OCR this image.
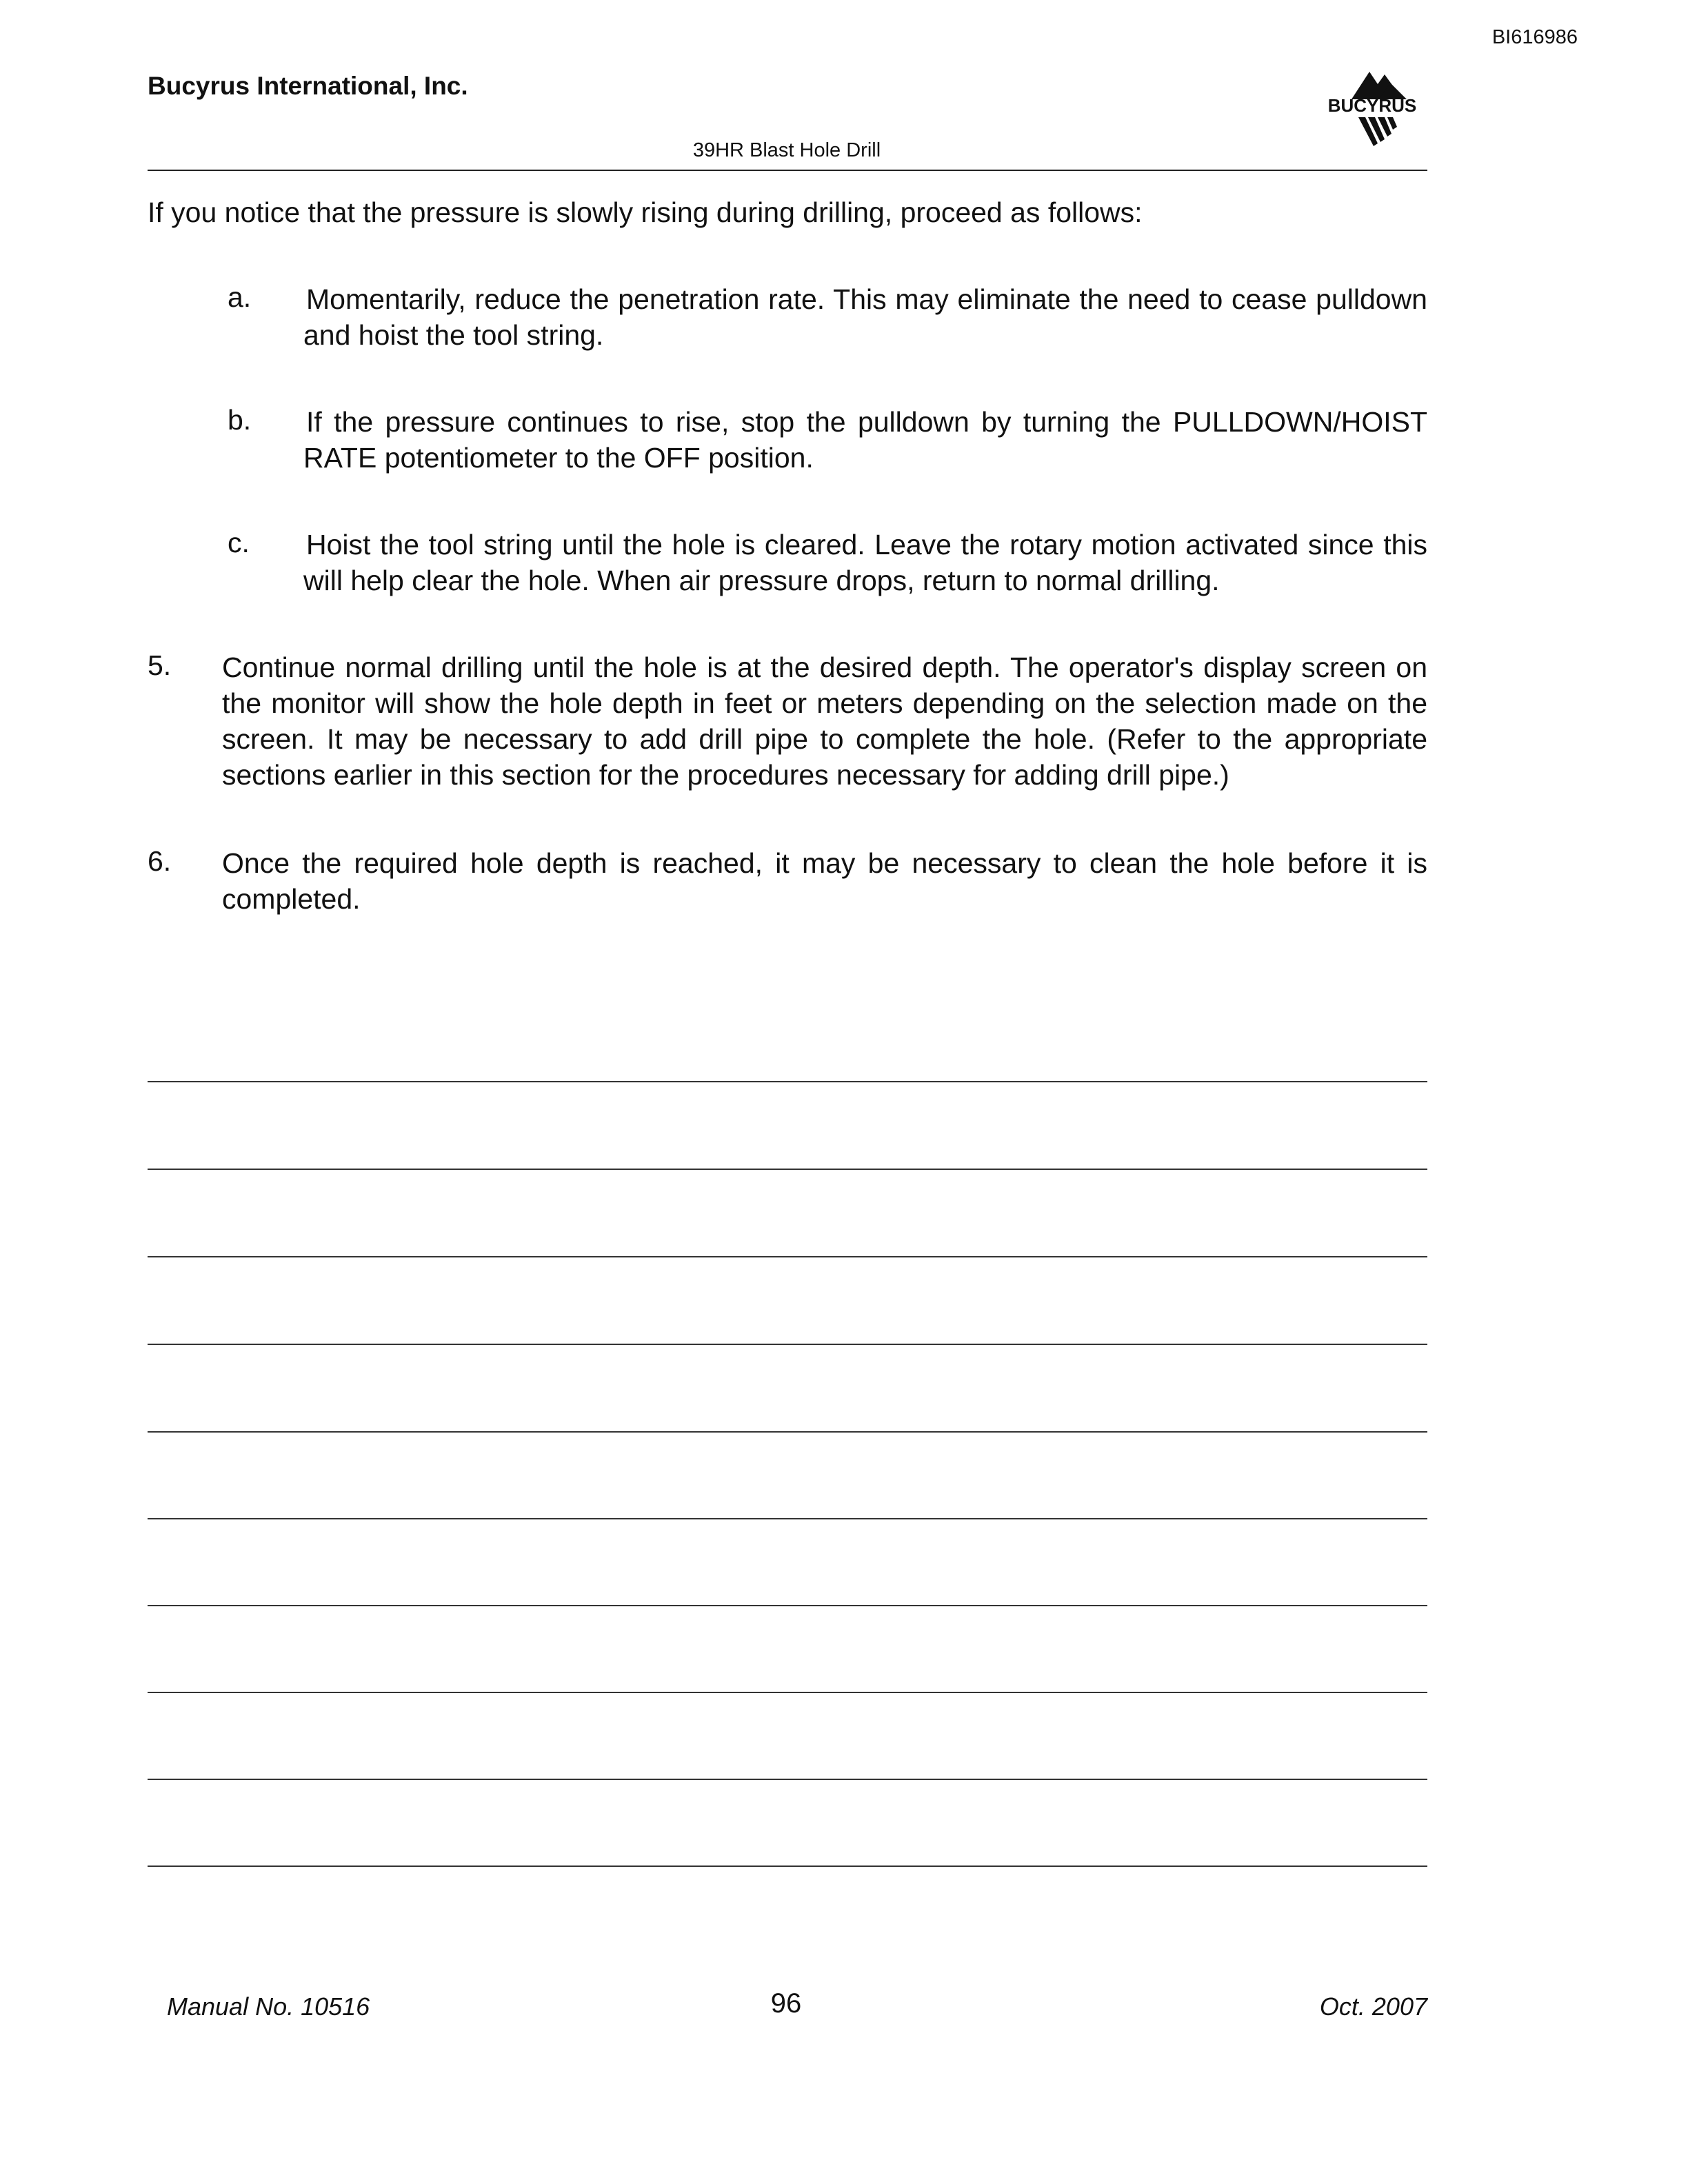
BI616986
Bucyrus International, Inc.
BUCYRUS
39HR Blast Hole Drill
If you notice that the pressure is slowly rising during drilling, proceed as follows:
a. Momentarily, reduce the penetration rate. This may eliminate the need to cease pulldown and hoist the tool string.
b. If the pressure continues to rise, stop the pulldown by turning the PULLDOWN/HOIST RATE potentiometer to the OFF position.
c. Hoist the tool string until the hole is cleared. Leave the rotary motion activated since this will help clear the hole. When air pressure drops, return to normal drilling.
5. Continue normal drilling until the hole is at the desired depth. The operator's display screen on the monitor will show the hole depth in feet or meters depending on the selection made on the screen. It may be necessary to add drill pipe to complete the hole. (Refer to the appropriate sections earlier in this section for the procedures necessary for adding drill pipe.)
6. Once the required hole depth is reached, it may be necessary to clean the hole before it is completed.
Manual No. 10516	96	Oct. 2007
